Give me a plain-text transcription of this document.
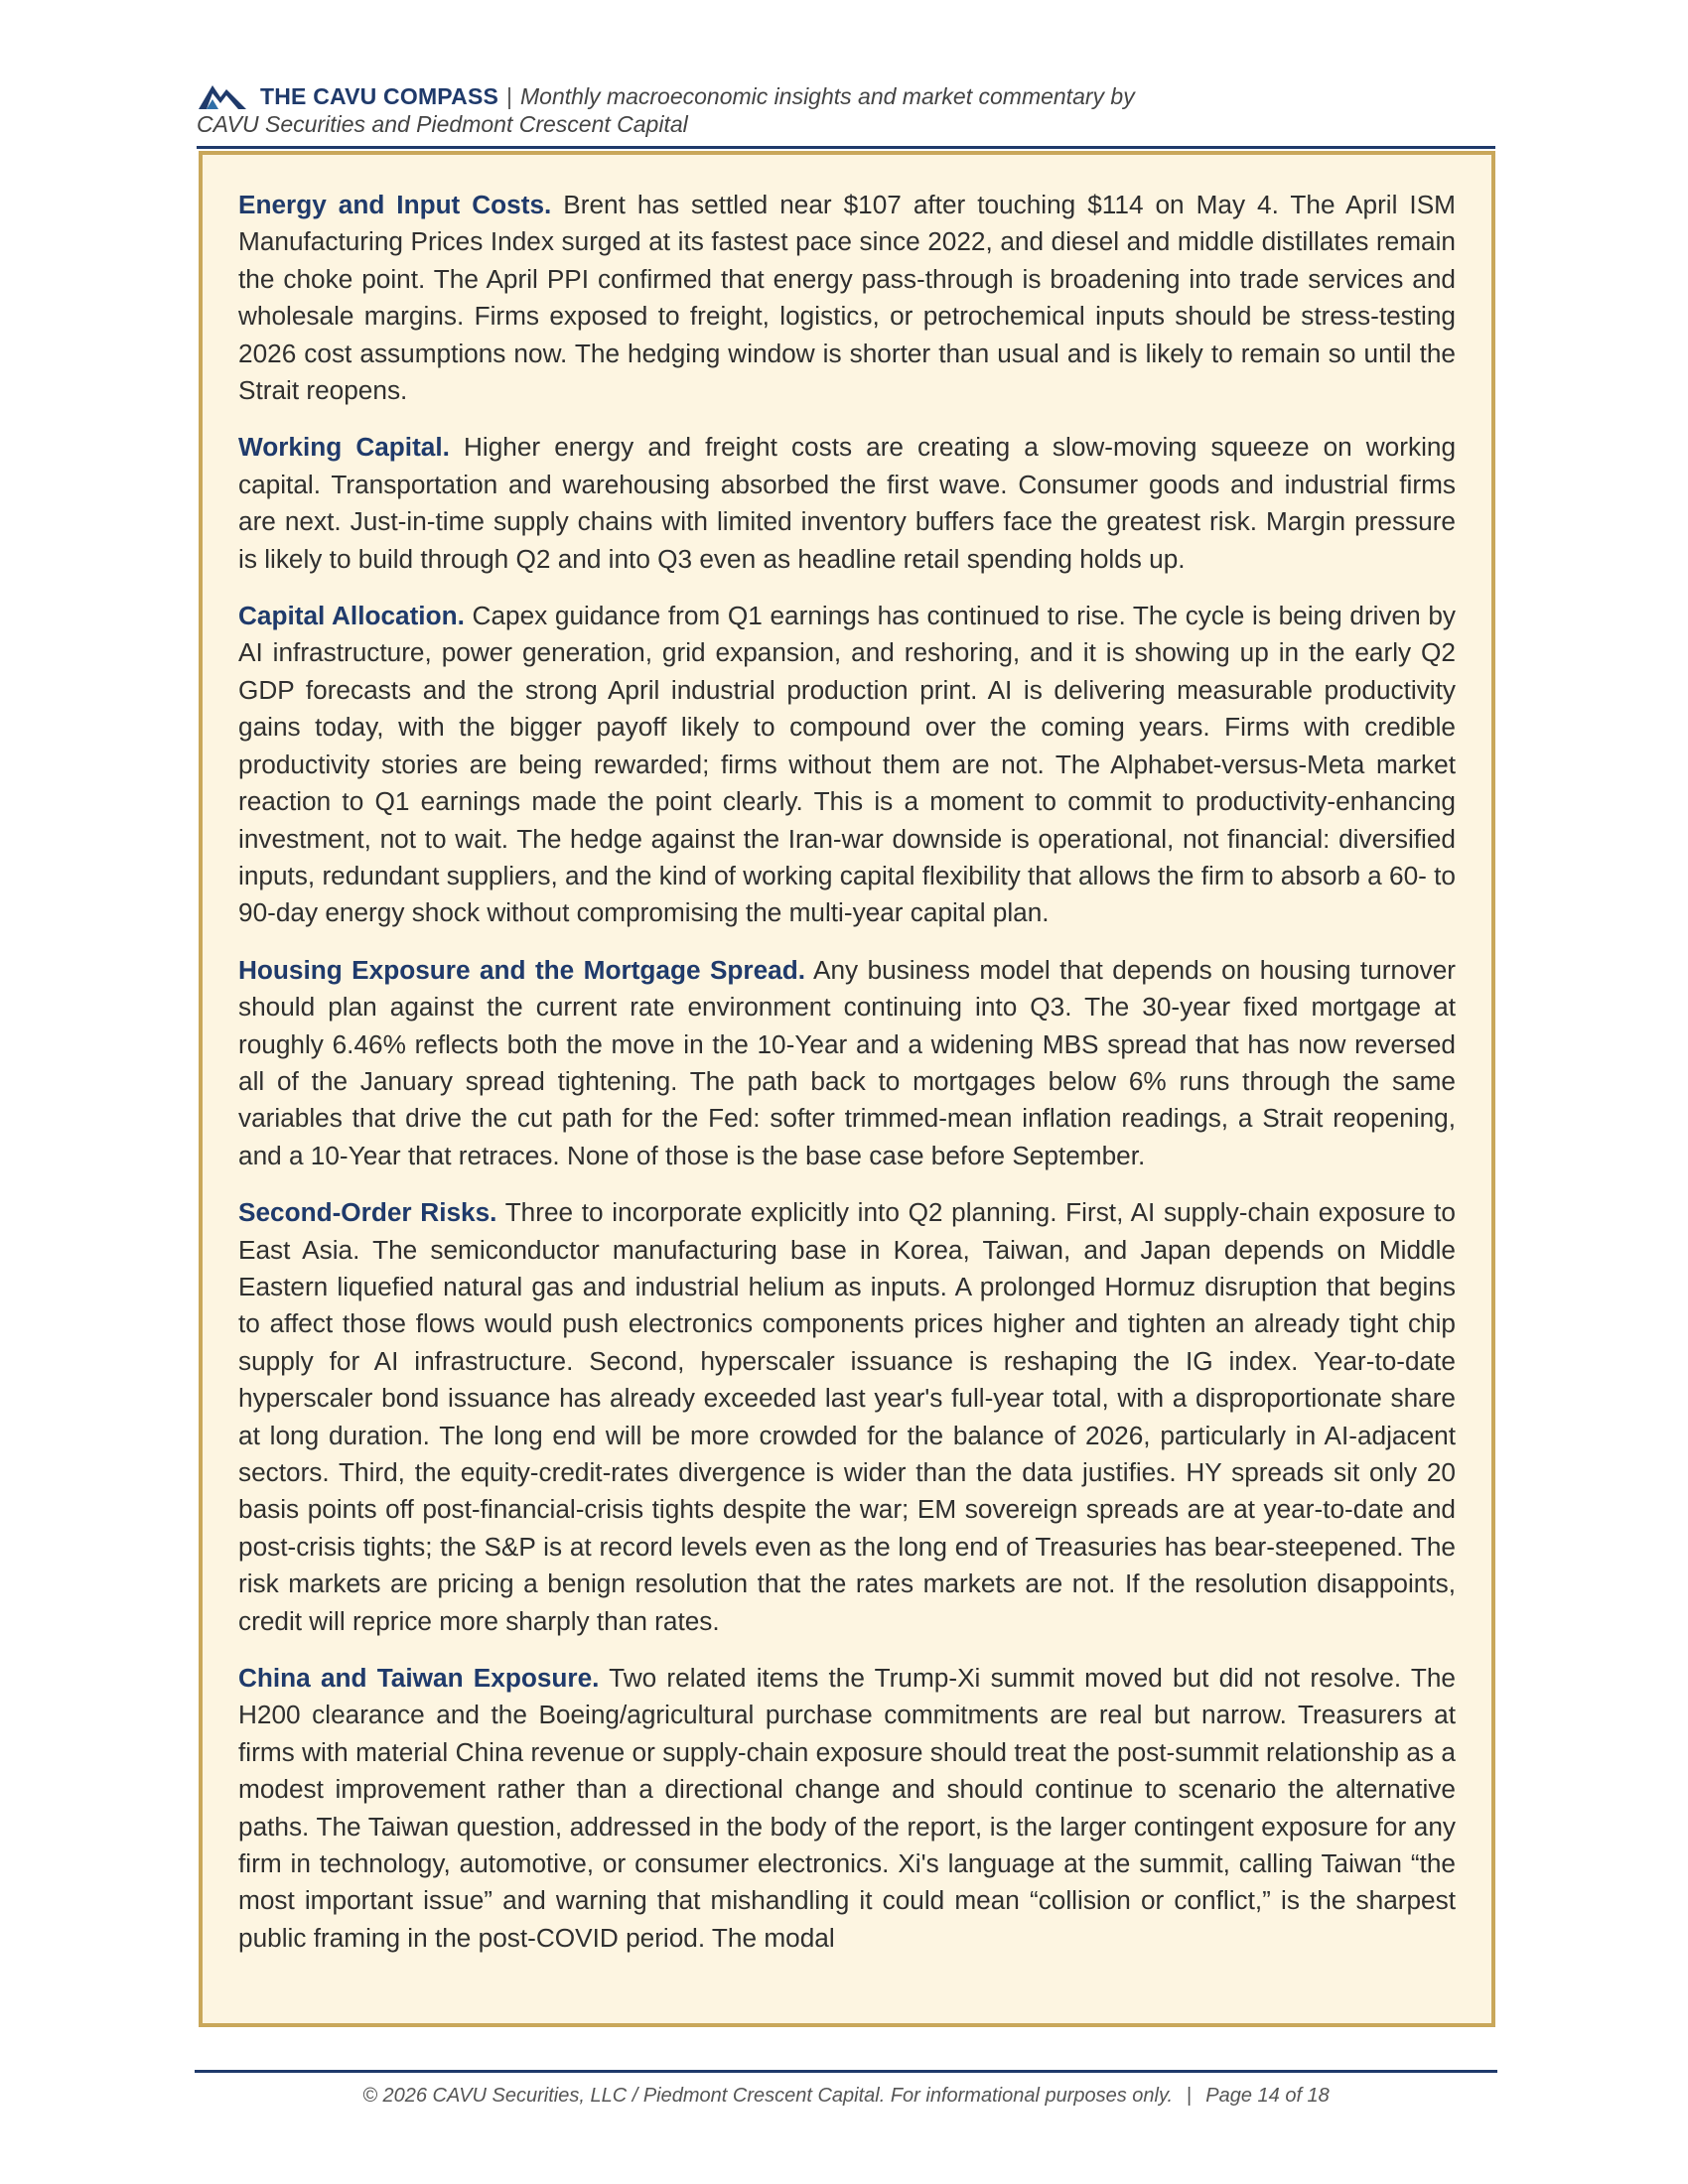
THE CAVU COMPASS | Monthly macroeconomic insights and market commentary by
CAVU Securities and Piedmont Crescent Capital

Energy and Input Costs. Brent has settled near $107 after touching $114 on May 4. The April ISM Manufacturing Prices Index surged at its fastest pace since 2022, and diesel and middle distillates remain the choke point. The April PPI confirmed that energy pass-through is broadening into trade services and wholesale margins. Firms exposed to freight, logistics, or petrochemical inputs should be stress-testing 2026 cost assumptions now. The hedging window is shorter than usual and is likely to remain so until the Strait reopens.

Working Capital. Higher energy and freight costs are creating a slow-moving squeeze on working capital. Transportation and warehousing absorbed the first wave. Consumer goods and industrial firms are next. Just-in-time supply chains with limited inventory buffers face the greatest risk. Margin pressure is likely to build through Q2 and into Q3 even as headline retail spending holds up.

Capital Allocation. Capex guidance from Q1 earnings has continued to rise. The cycle is being driven by AI infrastructure, power generation, grid expansion, and reshoring, and it is showing up in the early Q2 GDP forecasts and the strong April industrial production print. AI is delivering measurable productivity gains today, with the bigger payoff likely to compound over the coming years. Firms with credible productivity stories are being rewarded; firms without them are not. The Alphabet-versus-Meta market reaction to Q1 earnings made the point clearly. This is a moment to commit to productivity-enhancing investment, not to wait. The hedge against the Iran-war downside is operational, not financial: diversified inputs, redundant suppliers, and the kind of working capital flexibility that allows the firm to absorb a 60- to 90-day energy shock without compromising the multi-year capital plan.

Housing Exposure and the Mortgage Spread. Any business model that depends on housing turnover should plan against the current rate environment continuing into Q3. The 30-year fixed mortgage at roughly 6.46% reflects both the move in the 10-Year and a widening MBS spread that has now reversed all of the January spread tightening. The path back to mortgages below 6% runs through the same variables that drive the cut path for the Fed: softer trimmed-mean inflation readings, a Strait reopening, and a 10-Year that retraces. None of those is the base case before September.

Second-Order Risks. Three to incorporate explicitly into Q2 planning. First, AI supply-chain exposure to East Asia. The semiconductor manufacturing base in Korea, Taiwan, and Japan depends on Middle Eastern liquefied natural gas and industrial helium as inputs. A prolonged Hormuz disruption that begins to affect those flows would push electronics components prices higher and tighten an already tight chip supply for AI infrastructure. Second, hyperscaler issuance is reshaping the IG index. Year-to-date hyperscaler bond issuance has already exceeded last year's full-year total, with a disproportionate share at long duration. The long end will be more crowded for the balance of 2026, particularly in AI-adjacent sectors. Third, the equity-credit-rates divergence is wider than the data justifies. HY spreads sit only 20 basis points off post-financial-crisis tights despite the war; EM sovereign spreads are at year-to-date and post-crisis tights; the S&P is at record levels even as the long end of Treasuries has bear-steepened. The risk markets are pricing a benign resolution that the rates markets are not. If the resolution disappoints, credit will reprice more sharply than rates.

China and Taiwan Exposure. Two related items the Trump-Xi summit moved but did not resolve. The H200 clearance and the Boeing/agricultural purchase commitments are real but narrow. Treasurers at firms with material China revenue or supply-chain exposure should treat the post-summit relationship as a modest improvement rather than a directional change and should continue to scenario the alternative paths. The Taiwan question, addressed in the body of the report, is the larger contingent exposure for any firm in technology, automotive, or consumer electronics. Xi's language at the summit, calling Taiwan “the most important issue” and warning that mishandling it could mean “collision or conflict,” is the sharpest public framing in the post-COVID period. The modal

© 2026 CAVU Securities, LLC / Piedmont Crescent Capital. For informational purposes only. | Page 14 of 18
